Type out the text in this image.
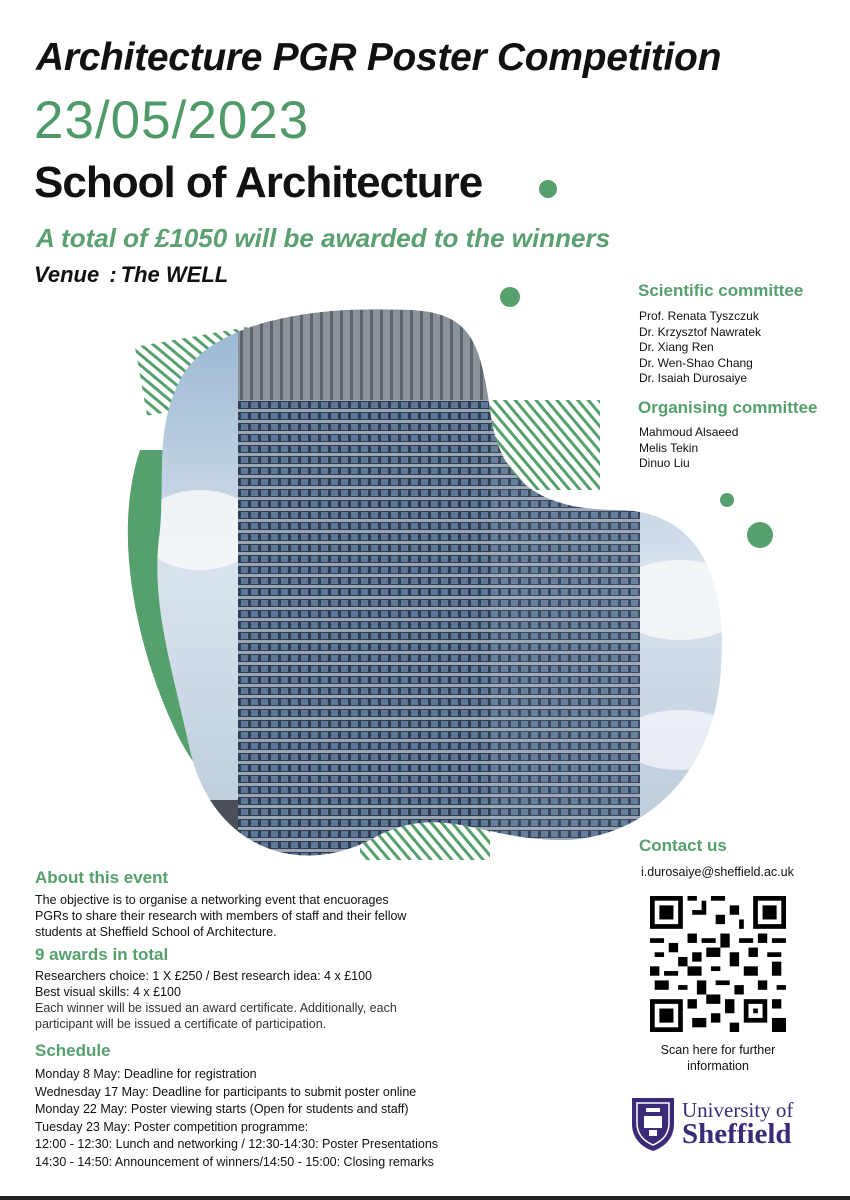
Architecture PGR Poster Competition
23/05/2023
School of Architecture
A total of £1050 will be awarded to the winners
Venue : The WELL
Scientific committee
Prof. Renata Tyszczuk
Dr. Krzysztof Nawratek
Dr. Xiang Ren
Dr. Wen-Shao Chang
Dr. Isaiah Durosaiye
Organising committee
Mahmoud Alsaeed
Melis Tekin
Dinuo Liu
Contact us
i.durosaiye@sheffield.ac.uk
Scan here for further
information
University of
Sheffield
About this event
The objective is to organise a networking event that encuorages
PGRs to share their research with members of staff and their fellow
students at Sheffield School of Architecture.
9 awards in total
Researchers choice: 1 X £250 / Best research idea: 4 x £100
Best visual skills: 4 x £100
Each winner will be issued an award certificate. Additionally, each
participant will be issued a certificate of participation.
Schedule
Monday 8 May: Deadline for registration
Wednesday 17 May: Deadline for participants to submit poster online
Monday 22 May: Poster viewing starts (Open for students and staff)
Tuesday 23 May: Poster competition programme:
12:00 - 12:30: Lunch and networking / 12:30-14:30: Poster Presentations
14:30 - 14:50: Announcement of winners/14:50 - 15:00: Closing remarks
